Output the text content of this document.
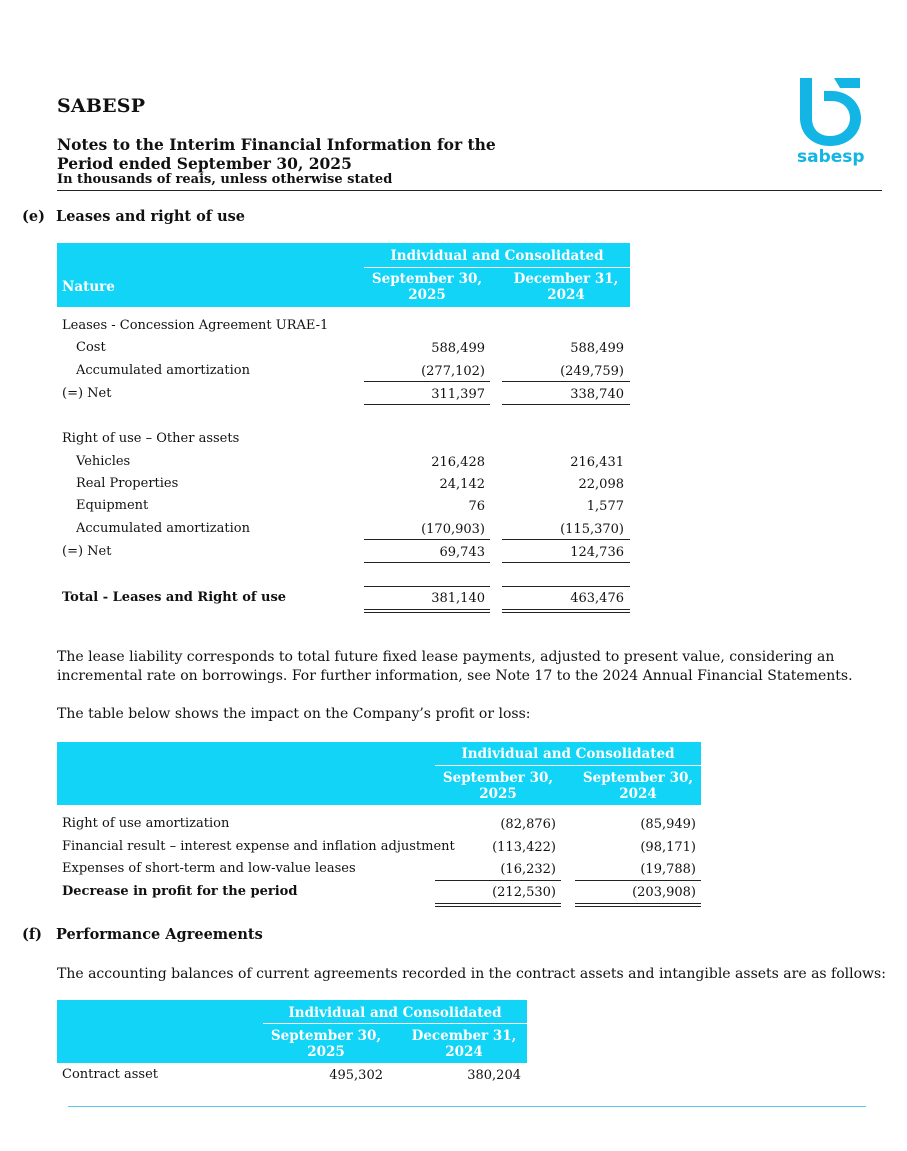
SABESP
Notes to the Interim Financial Information for the
Period ended September 30, 2025
In thousands of reais, unless otherwise stated
sabesp
(e) Leases and right of use
Individual and Consolidated
Nature	September 30,
2025
December 31,
2024
Leases - Concession Agreement URAE-1
Cost	588,499	588,499
Accumulated amortization	(277,102)	(249,759)
(=) Net	311,397	338,740
Right of use – Other assets
Vehicles	216,428	216,431
Real Properties	24,142	22,098
Equipment	76	1,577
Accumulated amortization	(170,903)	(115,370)
(=) Net	69,743	124,736
Total - Leases and Right of use	381,140	463,476
The lease liability corresponds to total future fixed lease payments, adjusted to present value, considering an incremental rate on borrowings. For further information, see Note 17 to the 2024 Annual Financial Statements.
The table below shows the impact on the Company’s profit or loss:
Individual and Consolidated
September 30,
2025
September 30,
2024
Right of use amortization	(82,876)	(85,949)
Financial result – interest expense and inflation adjustment	(113,422)	(98,171)
Expenses of short-term and low-value leases	(16,232)	(19,788)
Decrease in profit for the period	(212,530)	(203,908)
(f) Performance Agreements
The accounting balances of current agreements recorded in the contract assets and intangible assets are as follows:
Individual and Consolidated
September 30,
2025
December 31,
2024
Contract asset	495,302	380,204
